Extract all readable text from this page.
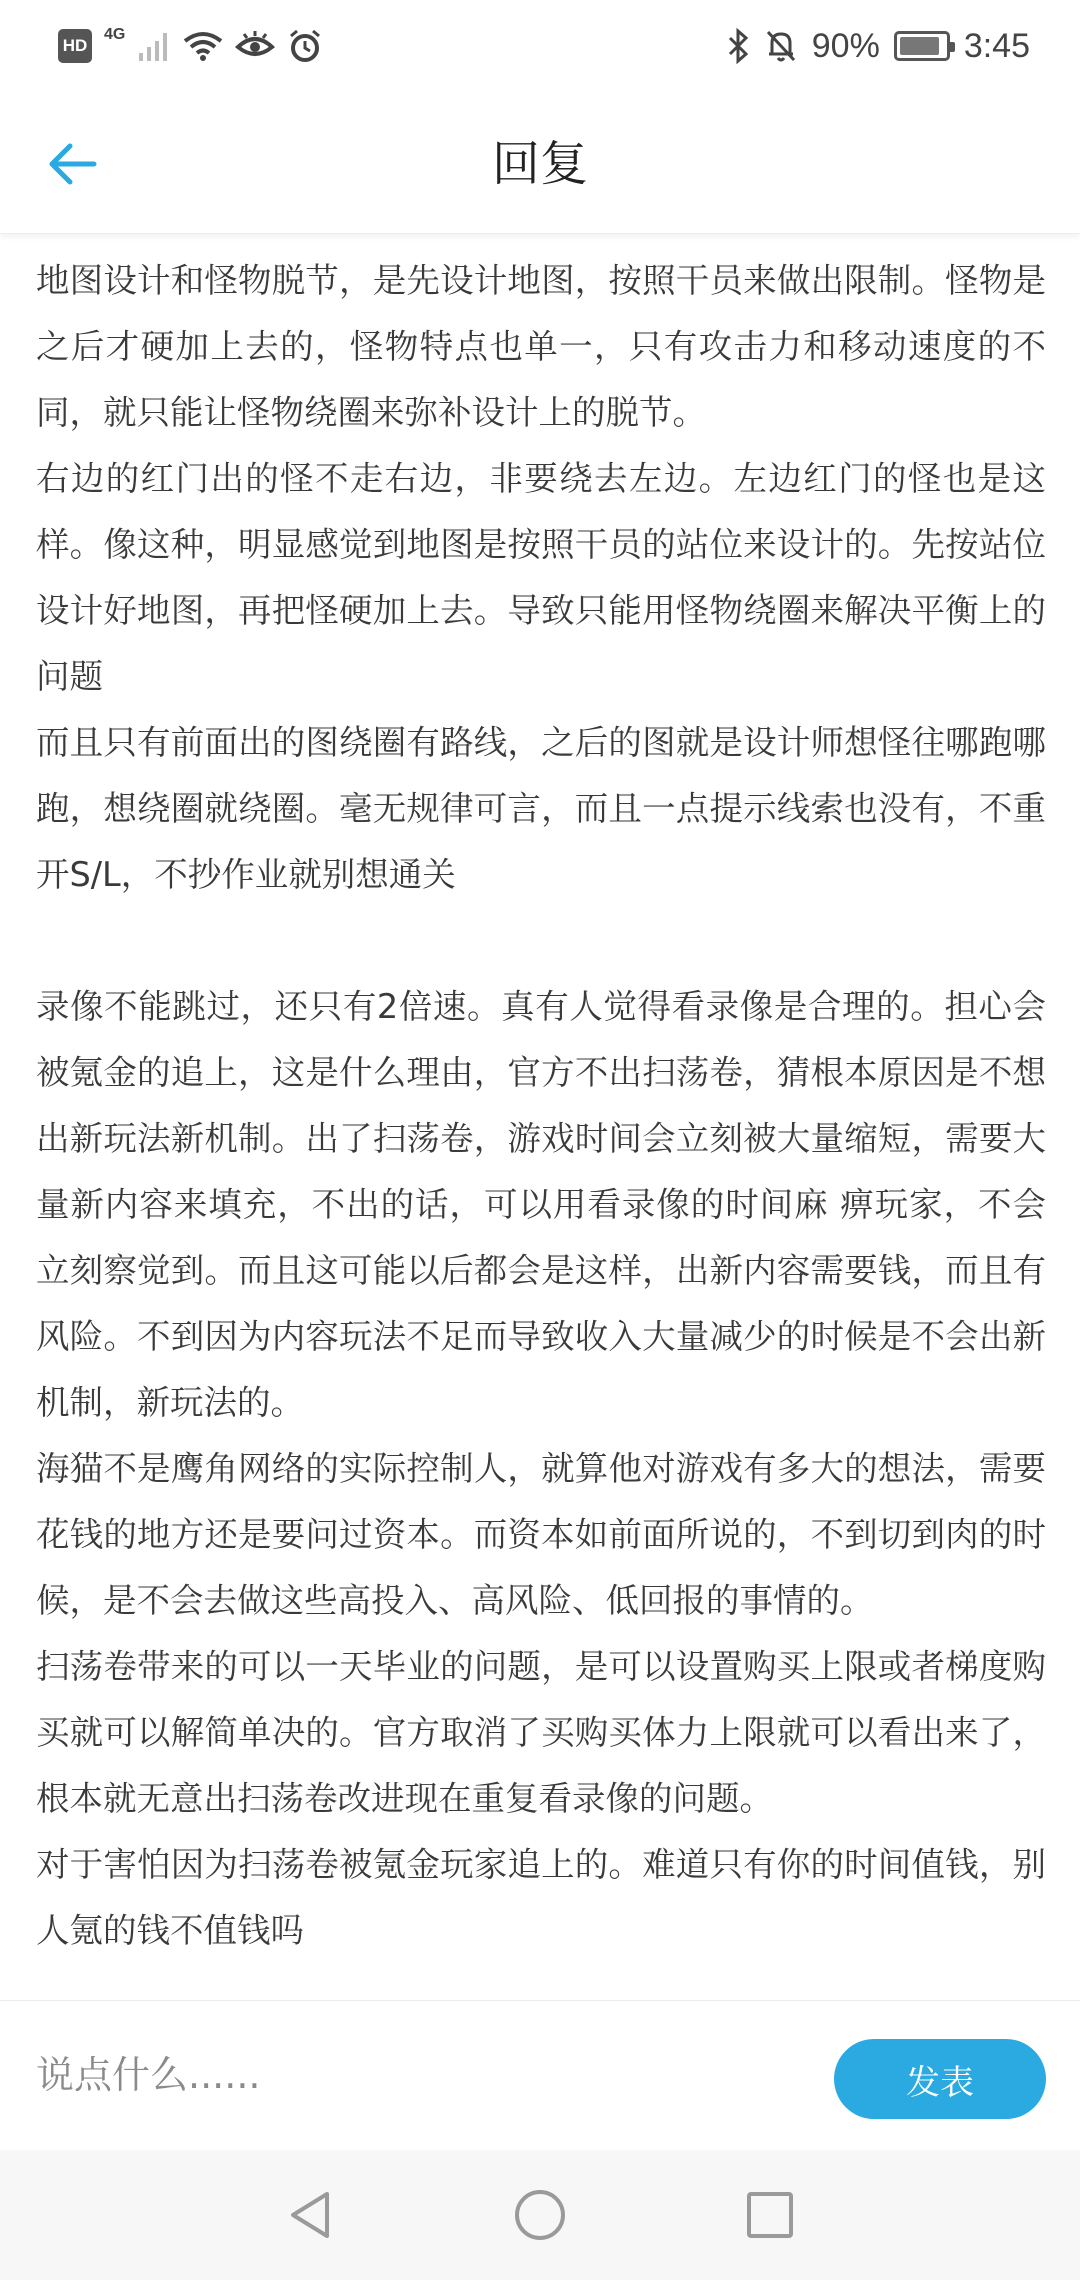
HD
4G	90% 3:45
回复

地图设计和怪物脱节，是先设计地图，按照干员来做出限制。怪物是之后才硬加上去的，怪物特点也单一，只有攻击力和移动速度的不同，就只能让怪物绕圈来弥补设计上的脱节。

右边的红门出的怪不走右边，非要绕去左边。左边红门的怪也是这样。像这种，明显感觉到地图是按照干员的站位来设计的。先按站位设计好地图，再把怪硬加上去。导致只能用怪物绕圈来解决平衡上的问题

而且只有前面出的图绕圈有路线，之后的图就是设计师想怪往哪跑哪跑，想绕圈就绕圈。毫无规律可言，而且一点提示线索也没有，不重开S/L，不抄作业就别想通关

录像不能跳过，还只有2倍速。真有人觉得看录像是合理的。担心会被氪金的追上，这是什么理由，官方不出扫荡卷，猜根本原因是不想出新玩法新机制。出了扫荡卷，游戏时间会立刻被大量缩短，需要大量新内容来填充，不出的话，可以用看录像的时间麻 痹玩家，不会立刻察觉到。而且这可能以后都会是这样，出新内容需要钱，而且有风险。不到因为内容玩法不足而导致收入大量减少的时候是不会出新机制，新玩法的。

海猫不是鹰角网络的实际控制人，就算他对游戏有多大的想法，需要花钱的地方还是要问过资本。而资本如前面所说的，不到切到肉的时候，是不会去做这些高投入、高风险、低回报的事情的。

扫荡卷带来的可以一天毕业的问题，是可以设置购买上限或者梯度购买就可以解简单决的。官方取消了买购买体力上限就可以看出来了，根本就无意出扫荡卷改进现在重复看录像的问题。

对于害怕因为扫荡卷被氪金玩家追上的。难道只有你的时间值钱，别人氪的钱不值钱吗

说点什么......
发表
